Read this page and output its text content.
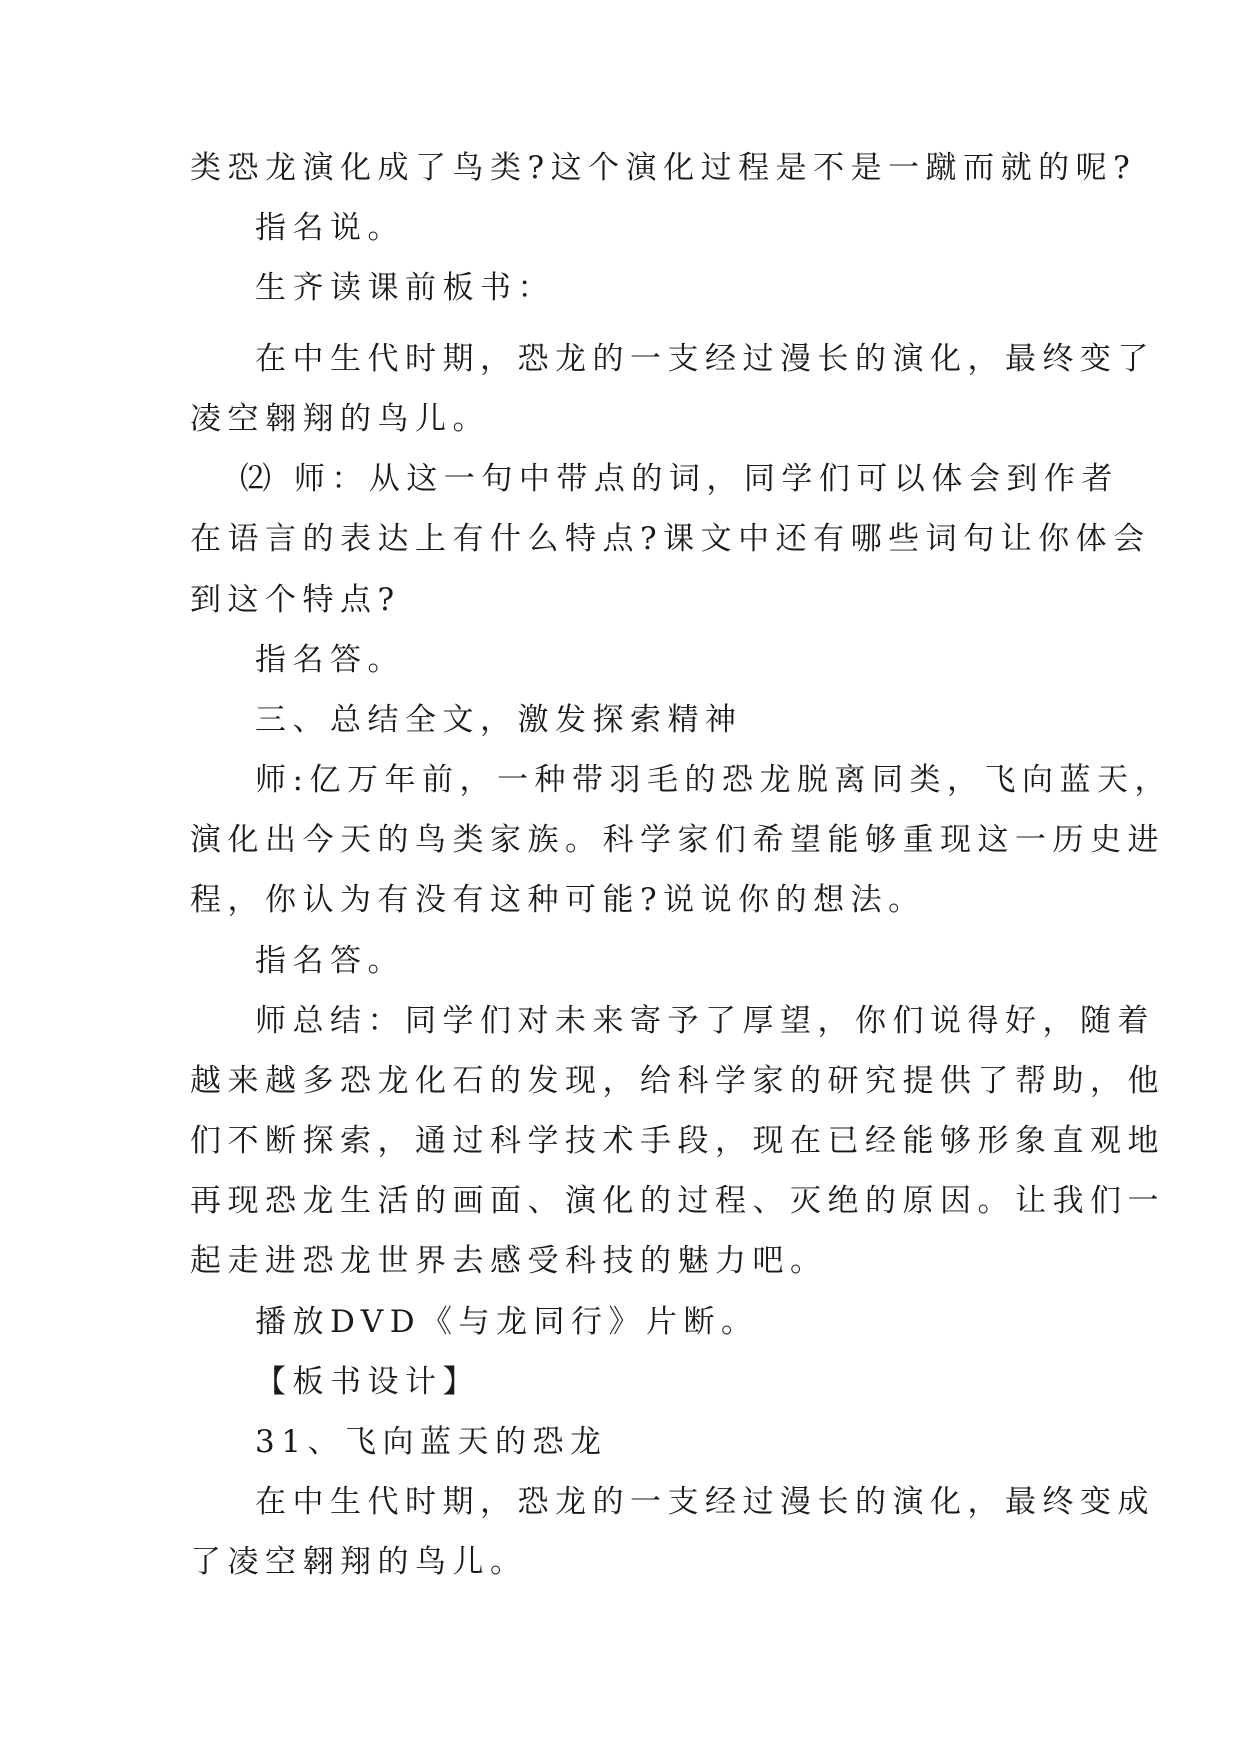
类恐龙演化成了鸟类?这个演化过程是不是一蹴而就的呢?
指名说。
生齐读课前板书：
在中生代时期，恐龙的一支经过漫长的演化，最终变了
凌空翱翔的鸟儿。
⑵ 师：从这一句中带点的词，同学们可以体会到作者
在语言的表达上有什么特点?课文中还有哪些词句让你体会
到这个特点?
指名答。
三、总结全文，激发探索精神
师:亿万年前，一种带羽毛的恐龙脱离同类，飞向蓝天，
演化出今天的鸟类家族。科学家们希望能够重现这一历史进
程，你认为有没有这种可能?说说你的想法。
指名答。
师总结：同学们对未来寄予了厚望，你们说得好，随着
越来越多恐龙化石的发现，给科学家的研究提供了帮助，他
们不断探索，通过科学技术手段，现在已经能够形象直观地
再现恐龙生活的画面、演化的过程、灭绝的原因。让我们一
起走进恐龙世界去感受科技的魅力吧。
播放DVD《与龙同行》片断。
【板书设计】
31、飞向蓝天的恐龙
在中生代时期，恐龙的一支经过漫长的演化，最终变成
了凌空翱翔的鸟儿。
